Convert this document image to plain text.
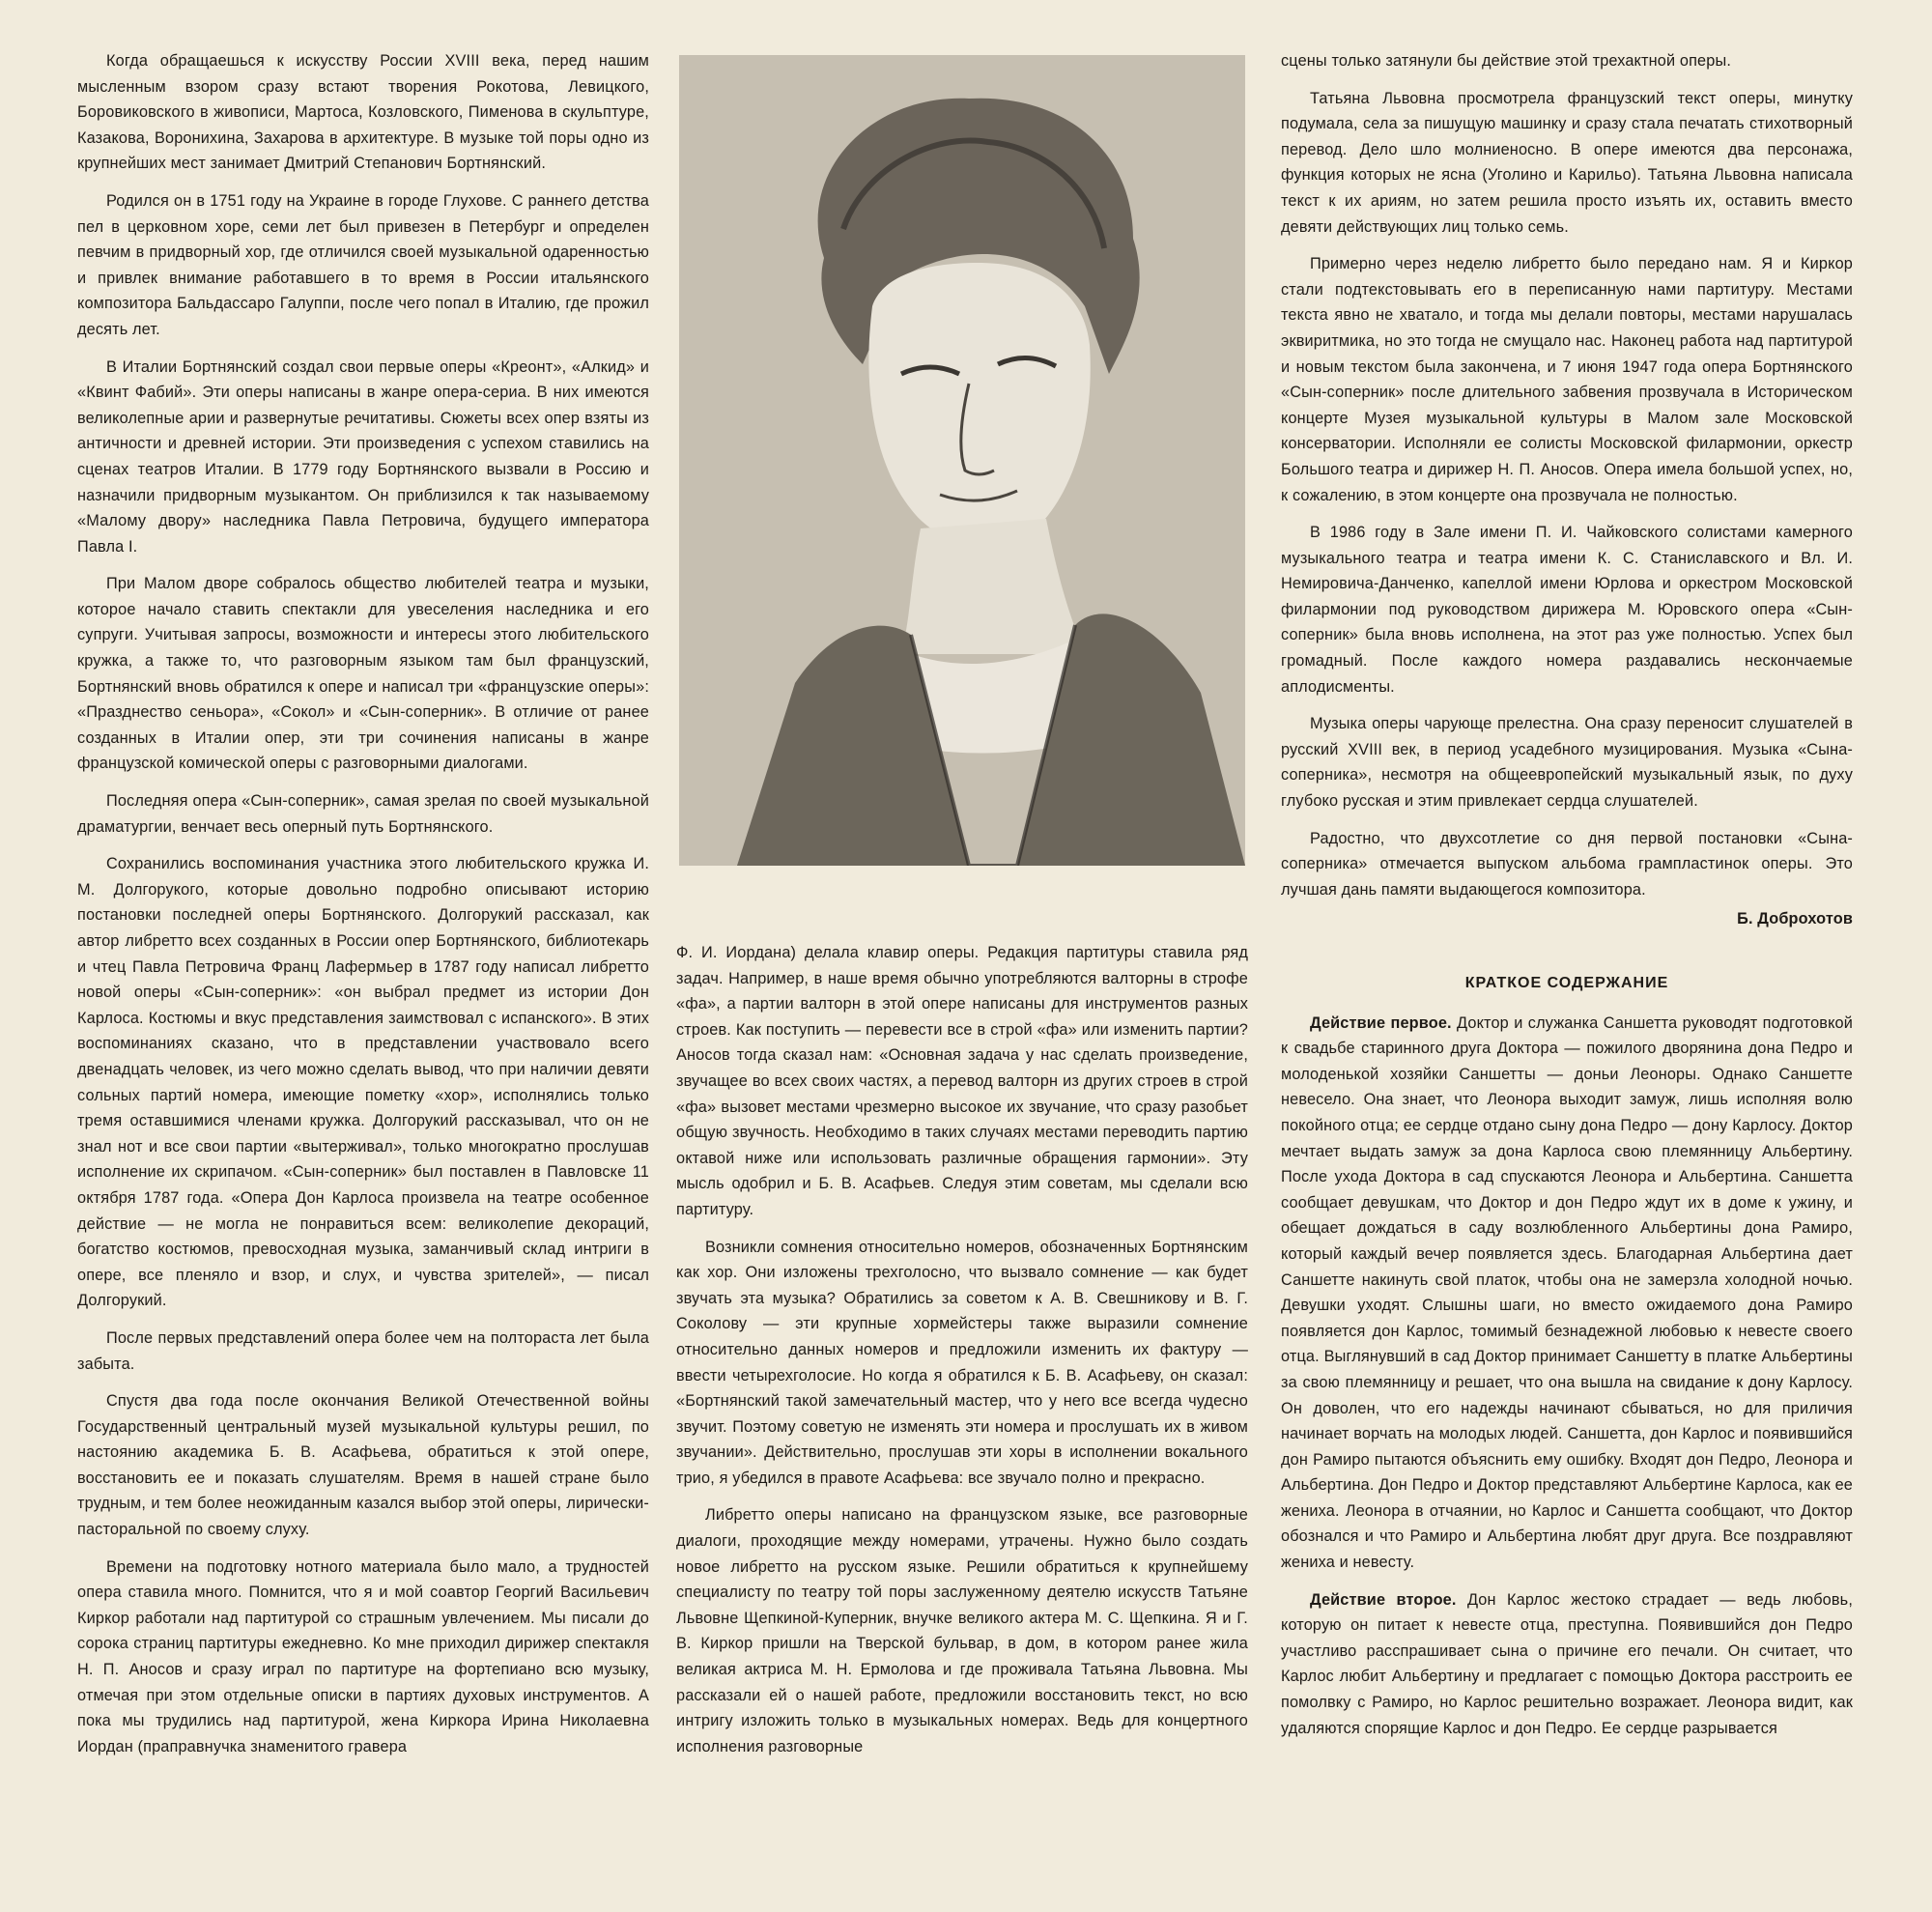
Когда обращаешься к искусству России XVIII века, перед нашим мысленным взором сразу встают творения Рокотова, Левицкого, Боровиковского в живописи, Мартоса, Козловского, Пименова в скульптуре, Казакова, Воронихина, Захарова в архитектуре. В музыке той поры одно из крупнейших мест занимает Дмитрий Степанович Бортнянский.

Родился он в 1751 году на Украине в городе Глухове. С раннего детства пел в церковном хоре, семи лет был привезен в Петербург и определен певчим в придворный хор, где отличился своей музыкальной одаренностью и привлек внимание работавшего в то время в России итальянского композитора Бальдассаро Галуппи, после чего попал в Италию, где прожил десять лет.

В Италии Бортнянский создал свои первые оперы «Креонт», «Алкид» и «Квинт Фабий». Эти оперы написаны в жанре опера-сериа. В них имеются великолепные арии и развернутые речитативы. Сюжеты всех опер взяты из античности и древней истории. Эти произведения с успехом ставились на сценах театров Италии. В 1779 году Бортнянского вызвали в Россию и назначили придворным музыкантом. Он приблизился к так называемому «Малому двору» наследника Павла Петровича, будущего императора Павла I.

При Малом дворе собралось общество любителей театра и музыки, которое начало ставить спектакли для увеселения наследника и его супруги. Учитывая запросы, возможности и интересы этого любительского кружка, а также то, что разговорным языком там был французский, Бортнянский вновь обратился к опере и написал три «французские оперы»: «Празднество сеньора», «Сокол» и «Сын-соперник». В отличие от ранее созданных в Италии опер, эти три сочинения написаны в жанре французской комической оперы с разговорными диалогами.

Последняя опера «Сын-соперник», самая зрелая по своей музыкальной драматургии, венчает весь оперный путь Бортнянского.

Сохранились воспоминания участника этого любительского кружка И. М. Долгорукого, которые довольно подробно описывают историю постановки последней оперы Бортнянского. Долгорукий рассказал, как автор либретто всех созданных в России опер Бортнянского, библиотекарь и чтец Павла Петровича Франц Лафермьер в 1787 году написал либретто новой оперы «Сын-соперник»: «он выбрал предмет из истории Дон Карлоса. Костюмы и вкус представления заимствовал с испанского». В этих воспоминаниях сказано, что в представлении участвовало всего двенадцать человек, из чего можно сделать вывод, что при наличии девяти сольных партий номера, имеющие пометку «хор», исполнялись только тремя оставшимися членами кружка. Долгорукий рассказывал, что он не знал нот и все свои партии «вытерживал», только многократно прослушав исполнение их скрипачом. «Сын-соперник» был поставлен в Павловске 11 октября 1787 года. «Опера Дон Карлоса произвела на театре особенное действие — не могла не понравиться всем: великолепие декораций, богатство костюмов, превосходная музыка, заманчивый склад интриги в опере, все пленяло и взор, и слух, и чувства зрителей», — писал Долгорукий.

После первых представлений опера более чем на полтораста лет была забыта.

Спустя два года после окончания Великой Отечественной войны Государственный центральный музей музыкальной культуры решил, по настоянию академика Б. В. Асафьева, обратиться к этой опере, восстановить ее и показать слушателям. Время в нашей стране было трудным, и тем более неожиданным казался выбор этой оперы, лирически-пасторальной по своему слуху.

Времени на подготовку нотного материала было мало, а трудностей опера ставила много. Помнится, что я и мой соавтор Георгий Васильевич Киркор работали над партитурой со страшным увлечением. Мы писали до сорока страниц партитуры ежедневно. Ко мне приходил дирижер спектакля Н. П. Аносов и сразу играл по партитуре на фортепиано всю музыку, отмечая при этом отдельные описки в партиях духовых инструментов. А пока мы трудились над партитурой, жена Киркора Ирина Николаевна Иордан (праправнучка знаменитого гравера

Ф. И. Иордана) делала клавир оперы. Редакция партитуры ставила ряд задач. Например, в наше время обычно употребляются валторны в строфе «фа», а партии валторн в этой опере написаны для инструментов разных строев. Как поступить — перевести все в строй «фа» или изменить партии? Аносов тогда сказал нам: «Основная задача у нас сделать произведение, звучащее во всех своих частях, а перевод валторн из других строев в строй «фа» вызовет местами чрезмерно высокое их звучание, что сразу разобьет общую звучность. Необходимо в таких случаях местами переводить партию октавой ниже или использовать различные обращения гармонии». Эту мысль одобрил и Б. В. Асафьев. Следуя этим советам, мы сделали всю партитуру.

Возникли сомнения относительно номеров, обозначенных Бортнянским как хор. Они изложены трехголосно, что вызвало сомнение — как будет звучать эта музыка? Обратились за советом к А. В. Свешникову и В. Г. Соколову — эти крупные хормейстеры также выразили сомнение относительно данных номеров и предложили изменить их фактуру — ввести четырехголосие. Но когда я обратился к Б. В. Асафьеву, он сказал: «Бортнянский такой замечательный мастер, что у него все всегда чудесно звучит. Поэтому советую не изменять эти номера и прослушать их в живом звучании». Действительно, прослушав эти хоры в исполнении вокального трио, я убедился в правоте Асафьева: все звучало полно и прекрасно.

Либретто оперы написано на французском языке, все разговорные диалоги, проходящие между номерами, утрачены. Нужно было создать новое либретто на русском языке. Решили обратиться к крупнейшему специалисту по театру той поры заслуженному деятелю искусств Татьяне Львовне Щепкиной-Куперник, внучке великого актера М. С. Щепкина. Я и Г. В. Киркор пришли на Тверской бульвар, в дом, в котором ранее жила великая актриса М. Н. Ермолова и где проживала Татьяна Львовна. Мы рассказали ей о нашей работе, предложили восстановить текст, но всю интригу изложить только в музыкальных номерах. Ведь для концертного исполнения разговорные

сцены только затянули бы действие этой трехактной оперы.

Татьяна Львовна просмотрела французский текст оперы, минутку подумала, села за пишущую машинку и сразу стала печатать стихотворный перевод. Дело шло молниеносно. В опере имеются два персонажа, функция которых не ясна (Уголино и Карильо). Татьяна Львовна написала текст к их ариям, но затем решила просто изъять их, оставить вместо девяти действующих лиц только семь.

Примерно через неделю либретто было передано нам. Я и Киркор стали подтекстовывать его в переписанную нами партитуру. Местами текста явно не хватало, и тогда мы делали повторы, местами нарушалась эквиритмика, но это тогда не смущало нас. Наконец работа над партитурой и новым текстом была закончена, и 7 июня 1947 года опера Бортнянского «Сын-соперник» после длительного забвения прозвучала в Историческом концерте Музея музыкальной культуры в Малом зале Московской консерватории. Исполняли ее солисты Московской филармонии, оркестр Большого театра и дирижер Н. П. Аносов. Опера имела большой успех, но, к сожалению, в этом концерте она прозвучала не полностью.

В 1986 году в Зале имени П. И. Чайковского солистами камерного музыкального театра и театра имени К. С. Станиславского и Вл. И. Немировича-Данченко, капеллой имени Юрлова и оркестром Московской филармонии под руководством дирижера М. Юровского опера «Сын-соперник» была вновь исполнена, на этот раз уже полностью. Успех был громадный. После каждого номера раздавались нескончаемые аплодисменты.

Музыка оперы чарующе прелестна. Она сразу переносит слушателей в русский XVIII век, в период усадебного музицирования. Музыка «Сына-соперника», несмотря на общеевропейский музыкальный язык, по духу глубоко русская и этим привлекает сердца слушателей.

Радостно, что двухсотлетие со дня первой постановки «Сына-соперника» отмечается выпуском альбома грампластинок оперы. Это лучшая дань памяти выдающегося композитора.

Б. Доброхотов
КРАТКОЕ СОДЕРЖАНИЕ

Действие первое. Доктор и служанка Саншетта руководят подготовкой к свадьбе старинного друга Доктора — пожилого дворянина дона Педро и молоденькой хозяйки Саншетты — доньи Леоноры. Однако Саншетте невесело. Она знает, что Леонора выходит замуж, лишь исполняя волю покойного отца; ее сердце отдано сыну дона Педро — дону Карлосу. Доктор мечтает выдать замуж за дона Карлоса свою племянницу Альбертину. После ухода Доктора в сад спускаются Леонора и Альбертина. Саншетта сообщает девушкам, что Доктор и дон Педро ждут их в доме к ужину, и обещает дождаться в саду возлюбленного Альбертины дона Рамиро, который каждый вечер появляется здесь. Благодарная Альбертина дает Саншетте накинуть свой платок, чтобы она не замерзла холодной ночью. Девушки уходят. Слышны шаги, но вместо ожидаемого дона Рамиро появляется дон Карлос, томимый безнадежной любовью к невесте своего отца. Выглянувший в сад Доктор принимает Саншетту в платке Альбертины за свою племянницу и решает, что она вышла на свидание к дону Карлосу. Он доволен, что его надежды начинают сбываться, но для приличия начинает ворчать на молодых людей. Саншетта, дон Карлос и появившийся дон Рамиро пытаются объяснить ему ошибку. Входят дон Педро, Леонора и Альбертина. Дон Педро и Доктор представляют Альбертине Карлоса, как ее жениха. Леонора в отчаянии, но Карлос и Саншетта сообщают, что Доктор обознался и что Рамиро и Альбертина любят друг друга. Все поздравляют жениха и невесту.

Действие второе. Дон Карлос жестоко страдает — ведь любовь, которую он питает к невесте отца, преступна. Появившийся дон Педро участливо расспрашивает сына о причине его печали. Он считает, что Карлос любит Альбертину и предлагает с помощью Доктора расстроить ее помолвку с Рамиро, но Карлос решительно возражает. Леонора видит, как удаляются спорящие Карлос и дон Педро. Ее сердце разрывается
